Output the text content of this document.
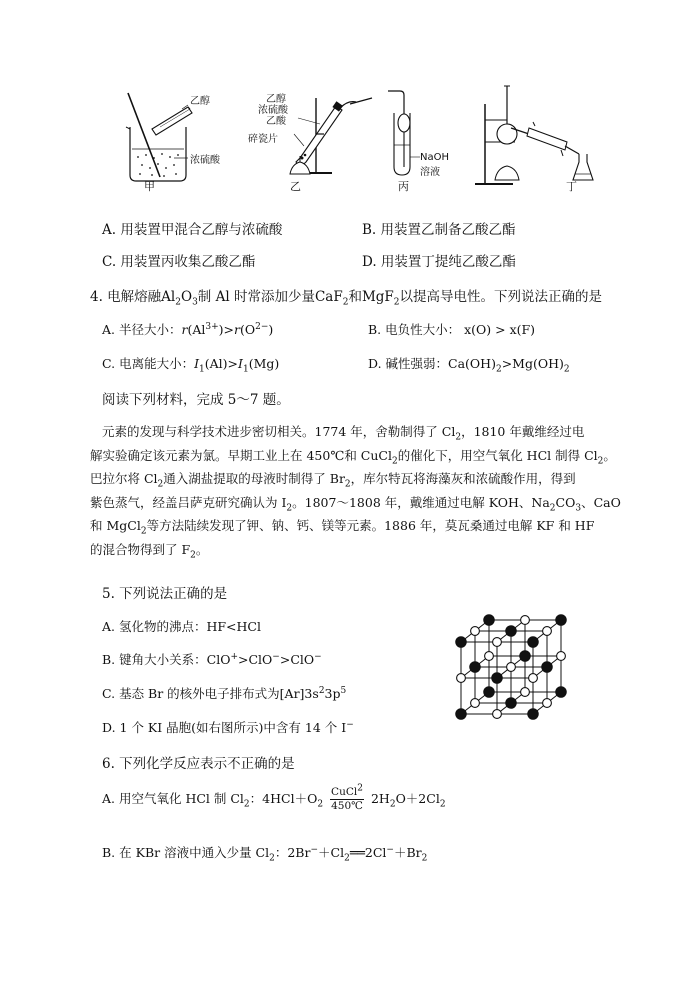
乙醇
浓硫酸
甲
乙醇
浓硫酸
乙酸
碎瓷片
乙
NaOH
溶液
丙	丁
A. 用装置甲混合乙醇与浓硫酸	B. 用装置乙制备乙酸乙酯
C. 用装置丙收集乙酸乙酯	D. 用装置丁提纯乙酸乙酯
4. 电解熔融$Al_2O_3$制 Al 时常添加少量CaF$_2$和MgF$_2$以提高导电性。下列说法正确的是
A. 半径大小：$r(Al^{3+})>r(O^{2-})$	B. 电负性大小： x(O) > x(F)
C. 电离能大小：$I_1(Al)>I_1(Mg)$	D. 碱性强弱：$Ca(OH)_2>Mg(OH)_2$
阅读下列材料，完成 5～7 题。
元素的发现与科学技术进步密切相关。1774 年，舍勒制得了 $Cl_2$，1810 年戴维经过电
解实验确定该元素为氯。早期工业上在 450℃和 CuCl$_2$的催化下，用空气氧化 HCl 制得 $Cl_2$。
巴拉尔将 $Cl_2$通入湖盐提取的母液时制得了 $Br_2$，库尔特瓦将海藻灰和浓硫酸作用，得到
紫色蒸气，经盖吕萨克研究确认为 $I_2$。1807～1808 年，戴维通过电解 KOH、$Na_2CO_3$、CaO
和 MgCl$_2$等方法陆续发现了钾、钠、钙、镁等元素。1886 年，莫瓦桑通过电解 KF 和 HF
的混合物得到了 $F_2$。
5. 下列说法正确的是
A. 氢化物的沸点：HF<HCl
B. 键角大小关系：ClO+>ClO−>ClO−
C. 基态 Br 的核外电子排布式为$[Ar]3s^23p^5$
D. 1 个 KI 晶胞(如右图所示)中含有 14 个 I−
6. 下列化学反应表示不正确的是
A. 用空气氧化 HCl 制 $Cl_2$：$4HCl+O_2 \frac{CuCl^2}{450℃} 2H_2O+2Cl_2$
B. 在 KBr 溶液中通入少量 $Cl_2$：$2Br^-+Cl_2══2Cl^-+Br_2$
